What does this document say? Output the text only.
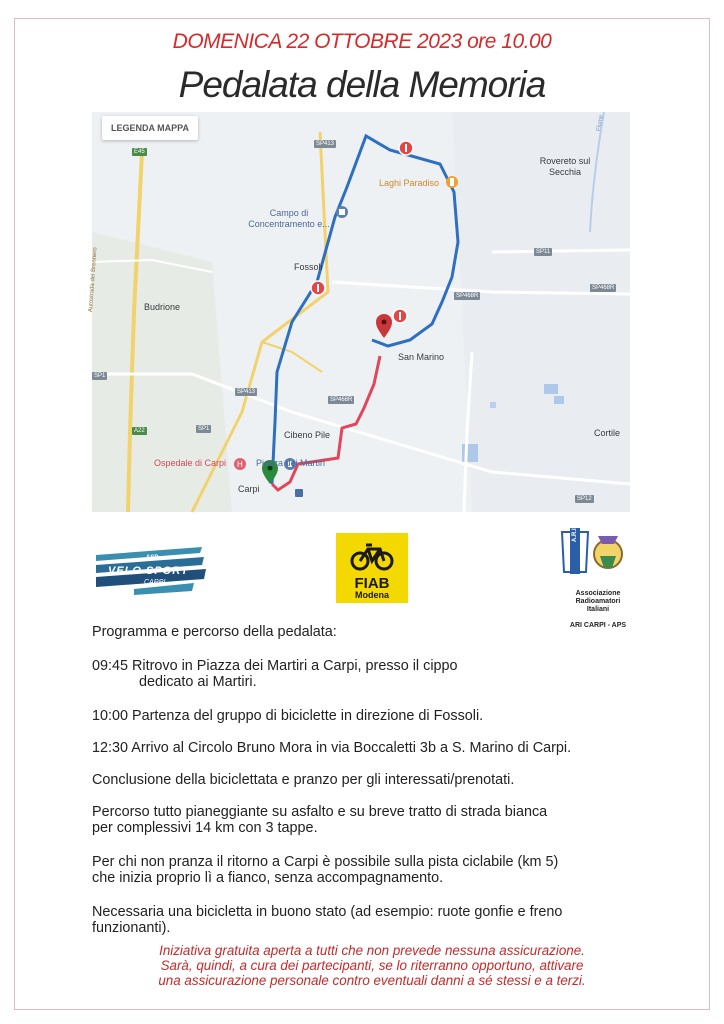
DOMENICA 22 OTTOBRE 2023 ore 10.00
Pedalata della Memoria
H
LEGENDA MAPPA
Campo di Concentramento e...
Laghi Paradiso
Rovereto sul Secchia
Fossoli
Budrione
San Marino
Cibeno Pile
Ospedale di Carpi	Piazza dei Martiri
Carpi
Cortile
Autostrada del Brennero
Fiume
SP413
SP413
SP11
SP468R
SP468R
SP468R
SP1
SP1
SP12
A22
E45
ASD
VELO SPORT
CARPI	FIAB
Modena
A.R.I.
Associazione
Radioamatori
Italiani
ARI CARPI - APS

Programma e percorso della pedalata:

09:45 Ritrovo in Piazza dei Martiri a Carpi, presso il cippo

dedicato ai Martiri.

10:00 Partenza del gruppo di biciclette in direzione di Fossoli.

12:30 Arrivo al Circolo Bruno Mora in via Boccaletti 3b a S. Marino di Carpi.

Conclusione della biciclettata e pranzo per gli interessati/prenotati.

Percorso tutto pianeggiante su asfalto e su breve tratto di strada bianca

per complessivi 14 km con 3 tappe.

Per chi non pranza il ritorno a Carpi è possibile sulla pista ciclabile (km 5)

che inizia proprio lì a fianco, senza accompagnamento.

Necessaria una bicicletta in buono stato (ad esempio: ruote gonfie e freno

funzionanti).

Iniziativa gratuita aperta a tutti che non prevede nessuna assicurazione.
Sarà, quindi, a cura dei partecipanti, se lo riterranno opportuno, attivare
una assicurazione personale contro eventuali danni a sé stessi e a terzi.
